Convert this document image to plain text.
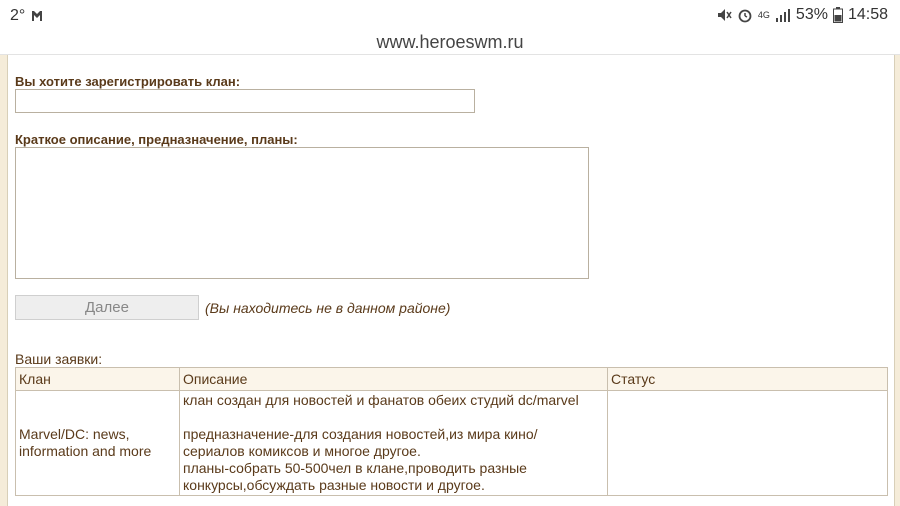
2°	4G 53% 14:58
www.heroeswm.ru
Вы хотите зарегистрировать клан:
Краткое описание, предназначение, планы:
Далее	(Вы находитесь не в данном районе)
Ваши заявки:
Клан	Описание	Статус
Marvel/DC: news, information and more	клан создан для новостей и фанатов обеих студий dc/marvel
предназначение-для создания новостей,из мира кино/
сериалов комиксов и многое другое.
планы-собрать 50-500чел в клане,проводить разные
конкурсы,обсуждать разные новости и другое.	
